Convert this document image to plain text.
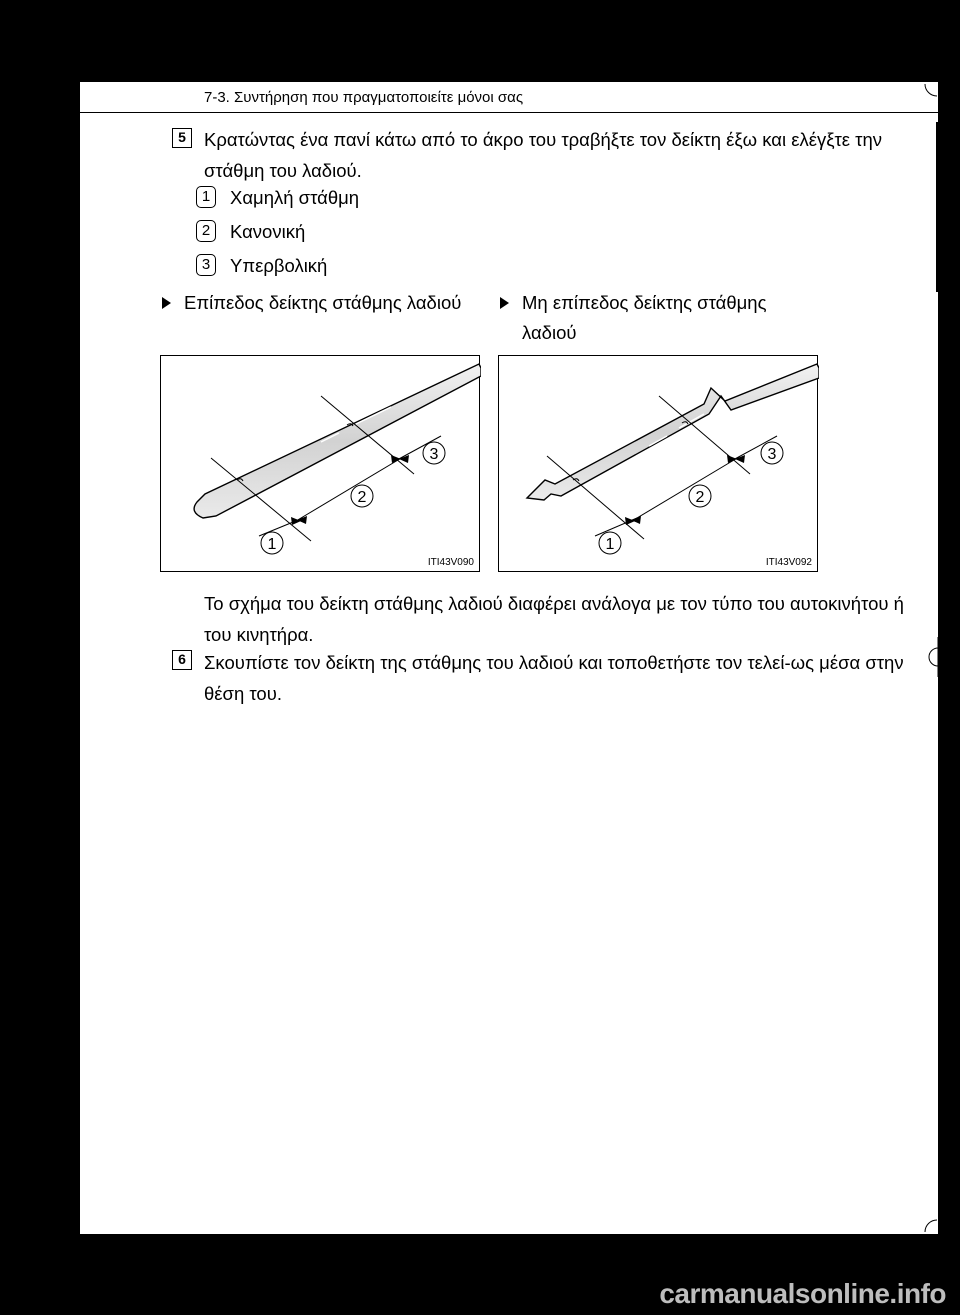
7-3. Συντήρηση που πραγματοποιείτε μόνοι σας
5 Κρατώντας ένα πανί κάτω από το άκρο του τραβήξτε τον δείκτη έξω και ελέγξτε την στάθμη του λαδιού.
1	Χαμηλή στάθμη
2	Κανονική
3	Υπερβολική
Επίπεδος δείκτης στάθμης λαδιού	Μη επίπεδος δείκτης στάθμης λαδιού
1
2
3
ITI43V090
1
2
3
ITI43V092
Το σχήμα του δείκτη στάθμης λαδιού διαφέρει ανάλογα με τον τύπο του αυτοκινήτου ή του κινητήρα.
6 Σκουπίστε τον δείκτη της στάθμης του λαδιού και τοποθετήστε τον τελεί-ως μέσα στην θέση του.
carmanualsonline.info
